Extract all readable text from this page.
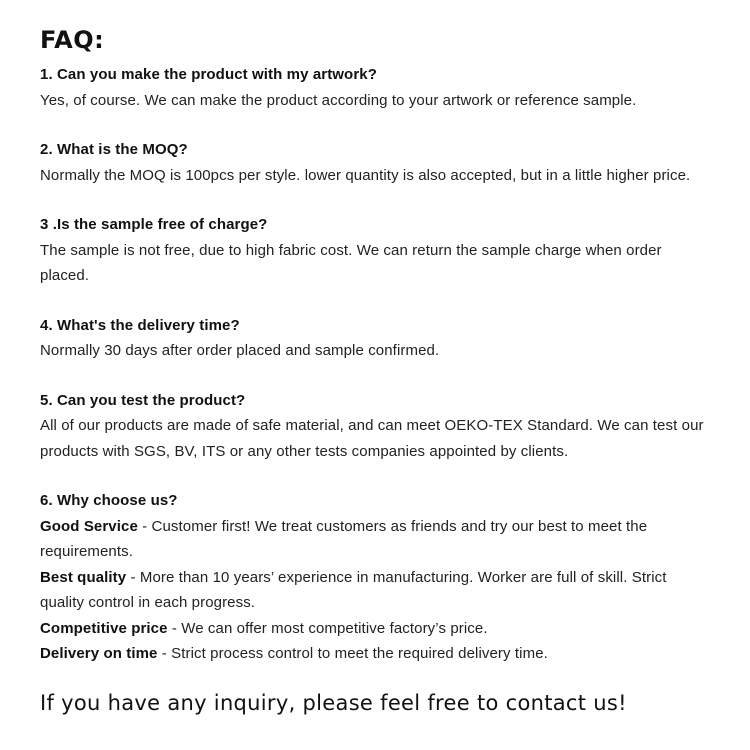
FAQ:

1. Can you make the product with my artwork?

Yes, of course. We can make the product according to your artwork or reference sample.

2. What is the MOQ?

Normally the MOQ is 100pcs per style. lower quantity is also accepted, but in a little higher price.

3 .Is the sample free of charge?

The sample is not free, due to high fabric cost. We can return the sample charge when order placed.

4. What's the delivery time?

Normally 30 days after order placed and sample confirmed.

5. Can you test the product?

All of our products are made of safe material, and can meet OEKO-TEX Standard. We can test our products with SGS, BV, ITS or any other tests companies appointed by clients.

6. Why choose us?

Good Service - Customer first! We treat customers as friends and try our best to meet the requirements.

Best quality - More than 10 years’ experience in manufacturing. Worker are full of skill. Strict quality control in each progress.

Competitive price - We can offer most competitive factory’s price.

Delivery on time - Strict process control to meet the required delivery time.

If you have any inquiry, please feel free to contact us!
